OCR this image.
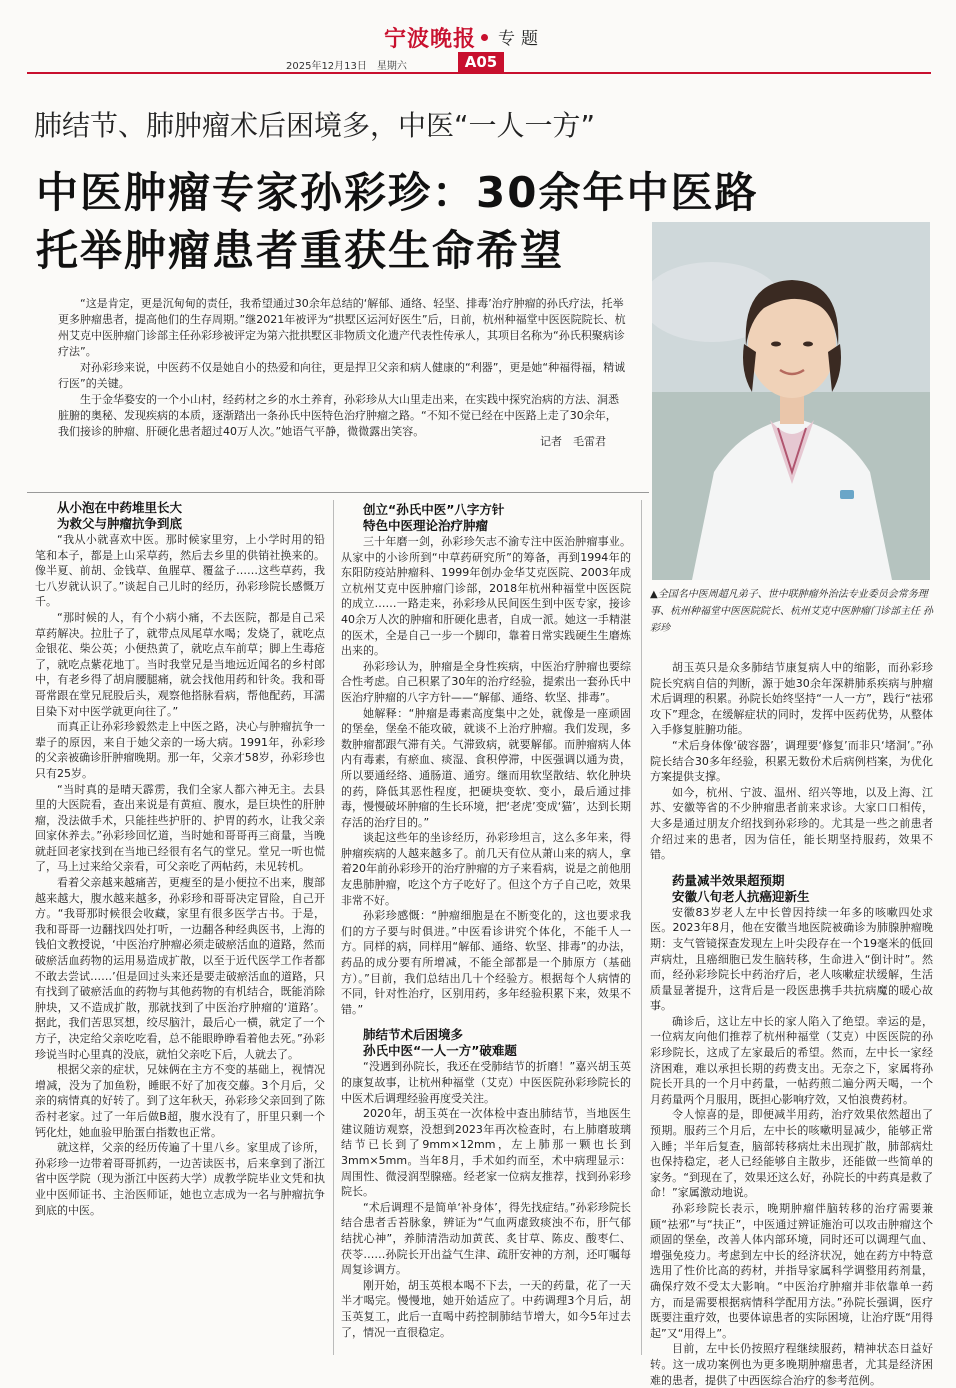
宁波晚报 专题
2025年12月13日　星期六	A05
肺结节、肺肿瘤术后困境多，中医“一人一方”
中医肿瘤专家孙彩珍：30余年中医路
托举肿瘤患者重获生命希望

“这是肯定，更是沉甸甸的责任，我希望通过30余年总结的‘解郁、通络、轻坚、排毒’治疗肿瘤的孙氏疗法，托举更多肿瘤患者，提高他们的生存周期。”继2021年被评为“拱墅区运河好医生”后，日前，杭州种福堂中医医院院长、杭州艾克中医肿瘤门诊部主任孙彩珍被评定为第六批拱墅区非物质文化遗产代表性传承人，其项目名称为“孙氏积聚病诊疗法”。

对孙彩珍来说，中医药不仅是她自小的热爱和向往，更是捍卫父亲和病人健康的“利器”，更是她“种福得福，精诚行医”的关键。

生于金华婺安的一个小山村，经药材之乡的水土养育，孙彩珍从大山里走出来，在实践中探究治病的方法、洞悉脏腑的奥秘、发现疾病的本质，逐渐踏出一条孙氏中医特色治疗肿瘤之路。“不知不觉已经在中医路上走了30余年，我们接诊的肿瘤、肝硬化患者超过40万人次。”她语气平静，微微露出笑容。

记者　毛雷君
▲全国名中医周超凡弟子、世中联肿瘤外治法专业委员会常务理事、杭州种福堂中医医院院长、杭州艾克中医肿瘤门诊部主任 孙彩珍

从小泡在中药堆里长大

为救父与肿瘤抗争到底

“我从小就喜欢中医。那时候家里穷，上小学时用的铅笔和本子，都是上山采草药，然后去乡里的供销社换来的。像半夏、前胡、金钱草、鱼腥草、覆盆子……这些草药，我七八岁就认识了。”谈起自己儿时的经历，孙彩珍院长感慨万千。

“那时候的人，有个小病小痛，不去医院，都是自己采草药解决。拉肚子了，就带点凤尾草水喝；发烧了，就吃点金银花、柴公英；小便热黄了，就吃点车前草；脚上生毒疮了，就吃点紫花地丁。当时我堂兄是当地远近闻名的乡村郎中，有老乡得了胡肩腰腿痛，就会找他用药和针灸。我和哥哥常跟在堂兄屁股后头，观察他搭脉看病，帮他配药，耳濡目染下对中医学就更向往了。”

而真正让孙彩珍毅然走上中医之路，决心与肿瘤抗争一辈子的原因，来自于她父亲的一场大病。1991年，孙彩珍的父亲被确诊肝肿瘤晚期。那一年，父亲才58岁，孙彩珍也只有25岁。

“当时真的是晴天霹雳，我们全家人都六神无主。去县里的大医院看，查出来说是有黄疸、腹水，是巨块性的肝肿瘤，没法做手术，只能挂些护肝的、护胃的药水，让我父亲回家休养去。”孙彩珍回忆道，当时她和哥哥再三商量，当晚就赶回老家找到在当地已经很有名气的堂兄。堂兄一听也慌了，马上过来给父亲看，可父亲吃了两帖药，未见转机。

看着父亲越来越痛苦，更瘦至的是小便拉不出来，腹部越来越大，腹水越来越多，孙彩珍和哥哥决定冒险，自己开方。“我哥那时候很会收藏，家里有很多医学古书。于是，我和哥哥一边翻找四处打听，一边翻各种经典医书，上海的钱伯文教授说，‘中医治疗肿瘤必须走破瘀活血的道路，然而破瘀活血药物的运用易造成扩散，以至于近代医学工作者都不敢去尝试……’但是回过头来还是要走破瘀活血的道路，只有找到了破瘀活血的药物与其他药物的有机结合，既能消除肿块，又不造成扩散，那就找到了中医治疗肿瘤的‘道路’。据此，我们苦思冥想，绞尽脑汁，最后心一横，就定了一个方子，决定给父亲吃吃看，总不能眼睁睁看着他去死。”孙彩珍说当时心里真的没底，就怕父亲吃下后，人就去了。

根据父亲的症状，兄妹俩在主方不变的基础上，视情况增减，没为了加鱼粉，睡眠不好了加夜交藤。3个月后，父亲的病情真的好转了。到了这年秋天，孙彩珍父亲回到了陈岙村老家。过了一年后做B超，腹水没有了，肝里只剩一个钙化灶，她血验甲胎蛋白指数也正常。

就这样，父亲的经历传遍了十里八乡。家里成了诊所，孙彩珍一边带着哥哥抓药，一边苦读医书，后来拿到了浙江省中医学院（现为浙江中医药大学）成教学院毕业文凭和执业中医师证书、主治医师证，她也立志成为一名与肿瘤抗争到底的中医。

创立“孙氏中医”八字方针

特色中医理论治疗肿瘤

三十年磨一剑，孙彩珍矢志不渝专注中医治肿瘤事业。从家中的小诊所到“中草药研究所”的筹备，再到1994年的东阳防疫站肿瘤科、1999年创办金华艾克医院、2003年成立杭州艾克中医肿瘤门诊部，2018年杭州种福堂中医医院的成立……一路走来，孙彩珍从民间医生到中医专家，接诊40余万人次的肿瘤和肝硬化患者，自成一派。她这一手精湛的医术，全是自己一步一个脚印，靠着日常实践硬生生磨炼出来的。

孙彩珍认为，肿瘤是全身性疾病，中医治疗肿瘤也要综合性考虑。自己积累了30年的治疗经验，提索出一套孙氏中医治疗肿瘤的八字方针——“解郁、通络、软坚、排毒”。

她解释：“肿瘤是毒素高度集中之处，就像是一座顽固的堡垒，堡垒不能攻破，就谈不上治疗肿瘤。我们发现，多数肿瘤都跟气滞有关。气滞致病，就要解郁。而肿瘤病人体内有毒素，有瘀血、痰湿、食积停滞，中医强调以通为贵，所以要通经络、通肠道、通穷。继而用软坚散结、软化肿块的药，降低其恶性程度，把硬块变软、变小，最后通过排毒，慢慢破坏肿瘤的生长环境，把‘老虎’变成‘猫’，达到长期存活的治疗目的。”

谈起这些年的坐诊经历，孙彩珍坦言，这么多年来，得肿瘤疾病的人越来越多了。前几天有位从萧山来的病人，拿着20年前孙彩珍开的治疗肿瘤的方子来看病，说是之前他朋友患肺肿瘤，吃这个方子吃好了。但这个方子自己吃，效果非常不好。

孙彩珍感慨：“肿瘤细胞是在不断变化的，这也要求我们的方子要与时俱进。”中医看诊讲究个体化，不能千人一方。同样的病，同样用“解郁、通络、软坚、排毒”的办法，药品的成分要有所增减，不能全部都是一个肺原方（基础方）。”目前，我们总结出几十个经验方。根据每个人病情的不同，针对性治疗，区别用药，多年经验积累下来，效果不错。”

肺结节术后困境多

孙氏中医“一人一方”破难题

“没遇到孙院长，我还在受肺结节的折磨！”嘉兴胡玉英的康复故事，让杭州种福堂（艾克）中医医院孙彩珍院长的中医术后调理经验再度受关注。

2020年，胡玉英在一次体检中查出肺结节，当地医生建议随访观察，没想到2023年再次检查时，右上肺磨玻璃结节已长到了9mm×12mm，左上肺那一颗也长到3mm×5mm。当年8月，手术如约而至，术中病理显示：周围性、微浸润型腺癌。经老家一位病友推荐，找到孙彩珍院长。

“术后调理不是简单‘补身体’，得先找症结。”孙彩珍院长结合患者舌苔脉象，辨证为“气血两虚致痰浊不布，肝气郁结扰心神”，养肺清浩动加黄芪、炙甘草、陈皮、酸枣仁、茯苓……孙院长开出益气生津、疏肝安神的方剂，还叮嘱每周复诊调方。

刚开始，胡玉英根本喝不下去，一天的药量，花了一天半才喝完。慢慢地，她开始适应了。中药调理3个月后，胡玉英复工，此后一直喝中药控制肺结节增大，如今5年过去了，情况一直很稳定。

胡玉英只是众多肺结节康复病人中的缩影，而孙彩珍院长究病自信的判断，源于她30余年深耕肺系疾病与肿瘤术后调理的积累。孙院长始终坚持“一人一方”，践行“祛邪攻下”理念，在缓解症状的同时，发挥中医药优势，从整体入手修复脏腑功能。

“术后身体像‘破容器’，调理要‘修复’而非只‘堵洞’。”孙院长结合30多年经验，积累无数份术后病例档案，为优化方案提供支撑。

如今，杭州、宁波、温州、绍兴等地，以及上海、江苏、安徽等省的不少肿瘤患者前来求诊。大家口口相传，大多是通过朋友介绍找到孙彩珍的。尤其是一些之前患者介绍过来的患者，因为信任，能长期坚持服药，效果不错。

药量减半效果超预期

安徽八旬老人抗癌迎新生

安徽83岁老人左中长曾因持续一年多的咳嗽四处求医。2023年8月，他在安徽当地医院被确诊为肺腺肿瘤晚期：支气管镜探查发现左上叶尖段存在一个19毫米的低回声病灶，且癌细胞已发生脑转移，生命进入“倒计时”。然而，经孙彩珍院长中药治疗后，老人咳嗽症状缓解，生活质量显著提升，这背后是一段医患携手共抗病魔的暖心故事。

确诊后，这让左中长的家人陷入了绝望。幸运的是，一位病友向他们推荐了杭州种福堂（艾克）中医医院的孙彩珍院长，这成了左家最后的希望。然而，左中长一家经济困难，难以承担长期的药费支出。无奈之下，家属将孙院长开具的一个月中药量，一帖药煎二遍分两天喝，一个月药量两个月服用，既担心影响疗效，又怕浪费药材。

令人惊喜的是，即便减半用药，治疗效果依然超出了预期。服药三个月后，左中长的咳嗽明显减少，能够正常入睡；半年后复查，脑部转移病灶未出现扩散，肺部病灶也保持稳定，老人已经能够自主散步，还能做一些简单的家务。“到现在了，效果还这么好，孙院长的中药真是救了命！”家属激动地说。

孙彩珍院长表示，晚期肿瘤伴脑转移的治疗需要兼顾“祛邪”与“扶正”，中医通过辨证施治可以攻击肿瘤这个顽固的堡垒，改善人体内部环境，同时还可以调理气血、增强免疫力。考虑到左中长的经济状况，她在药方中特意选用了性价比高的药材，并指导家属科学调整用药剂量，确保疗效不受太大影响。“中医治疗肿瘤并非依靠单一药方，而是需要根据病情科学配用方法。”孙院长强调，医疗既要注重疗效，也要体谅患者的实际困境，让治疗既“用得起”又“用得上”。

目前，左中长仍按照疗程继续服药，精神状态日益好转。这一成功案例也为更多晚期肿瘤患者，尤其是经济困难的患者，提供了中西医综合治疗的参考范例。
